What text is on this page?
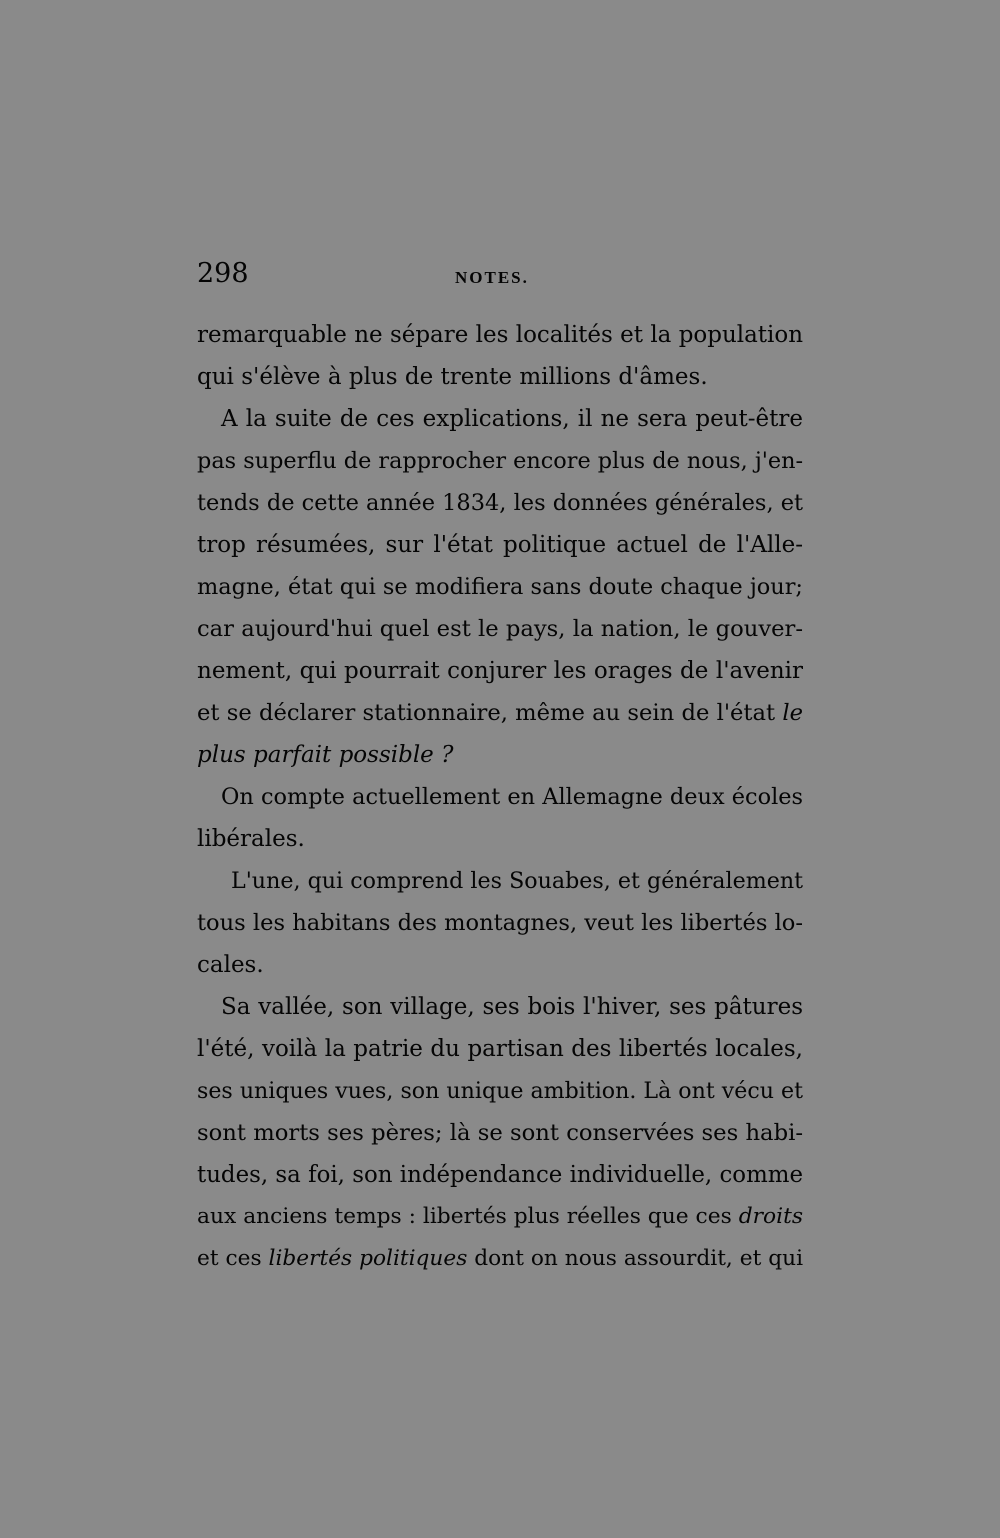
298	NOTES.
remarquable ne sépare les localités et la population
qui s'élève à plus de trente millions d'âmes.
A la suite de ces explications, il ne sera peut-être
pas superflu de rapprocher encore plus de nous, j'en-
tends de cette année 1834, les données générales, et
trop résumées, sur l'état politique actuel de l'Alle-
magne, état qui se modifiera sans doute chaque jour;
car aujourd'hui quel est le pays, la nation, le gouver-
nement, qui pourrait conjurer les orages de l'avenir
et se déclarer stationnaire, même au sein de l'état le
plus parfait possible ?
On compte actuellement en Allemagne deux écoles
libérales.
L'une, qui comprend les Souabes, et généralement
tous les habitans des montagnes, veut les libertés lo-
cales.
Sa vallée, son village, ses bois l'hiver, ses pâtures
l'été, voilà la patrie du partisan des libertés locales,
ses uniques vues, son unique ambition. Là ont vécu et
sont morts ses pères; là se sont conservées ses habi-
tudes, sa foi, son indépendance individuelle, comme
aux anciens temps : libertés plus réelles que ces droits
et ces libertés politiques dont on nous assourdit, et qui
